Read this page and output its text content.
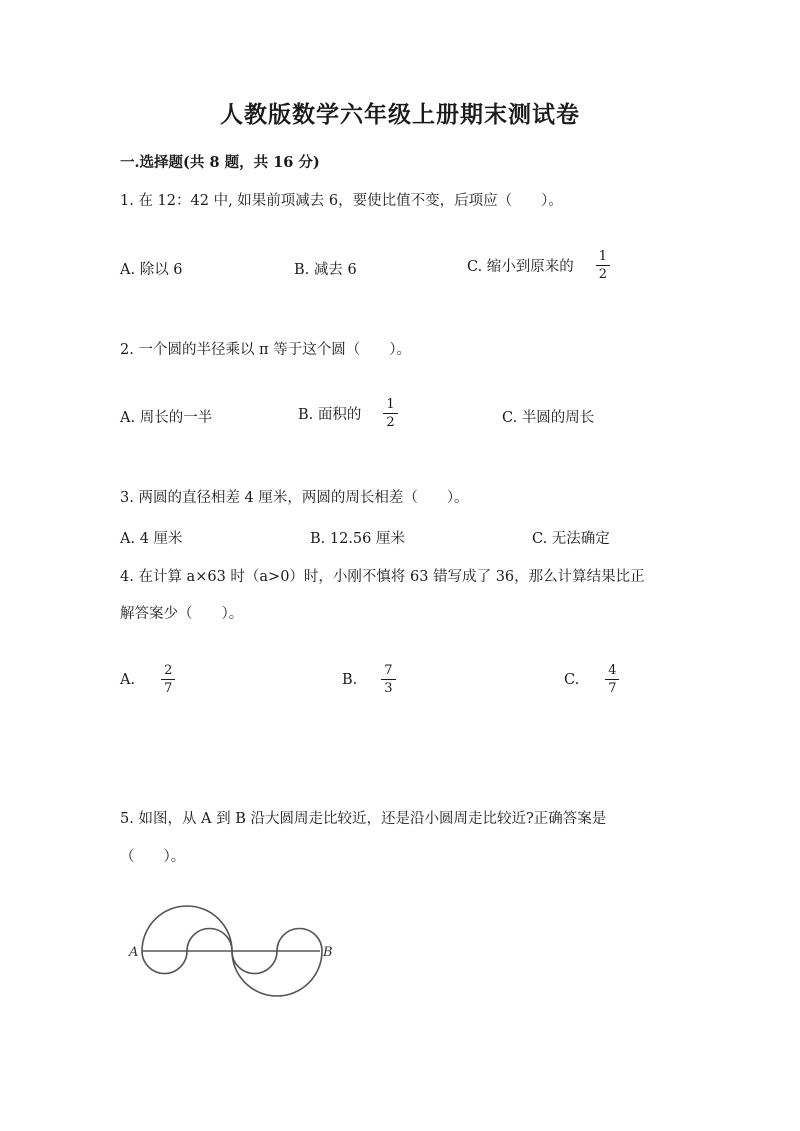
人教版数学六年级上册期末测试卷
一.选择题(共 8 题，共 16 分)
1. 在 12：42 中, 如果前项减去 6，要使比值不变，后项应（　　）。
A. 除以 6	B. 减去 6	C. 缩小到原来的 $\frac{1}{2}$
2. 一个圆的半径乘以 π 等于这个圆（　　）。
A. 周长的一半	B. 面积的 $\frac{1}{2}$	C. 半圆的周长
3. 两圆的直径相差 4 厘米，两圆的周长相差（　　）。
A. 4 厘米	B. 12.56 厘米	C. 无法确定
4. 在计算 a×63 时（a>0）时，小刚不慎将 63 错写成了 36，那么计算结果比正
解答案少（　　）。
A. $\frac{2}{7}$	B. $\frac{7}{3}$	C. $\frac{4}{7}$
5. 如图，从 A 到 B 沿大圆周走比较近，还是沿小圆周走比较近?正确答案是
（　　）。
A	B
